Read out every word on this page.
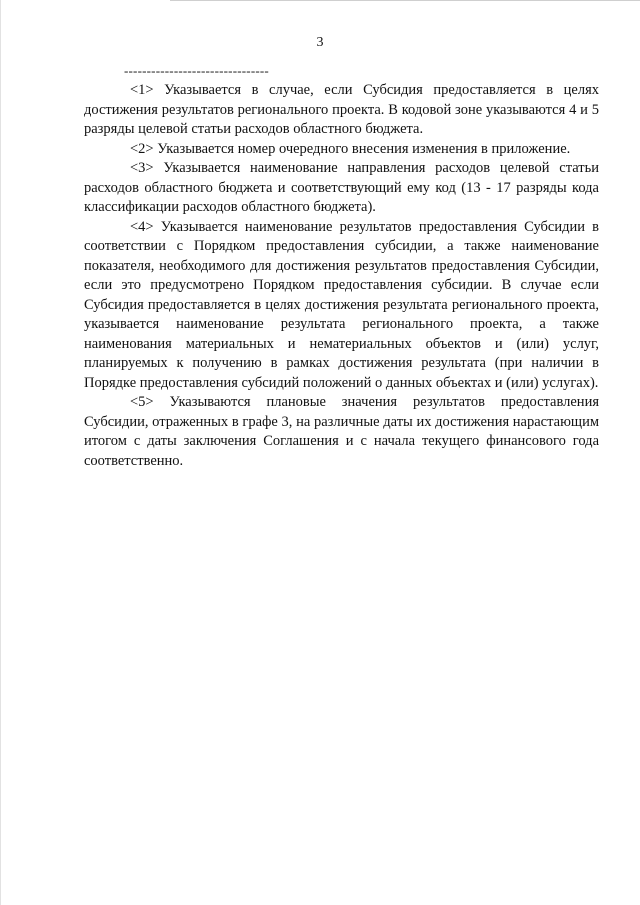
3
--------------------------------

<1> Указывается в случае, если Субсидия предоставляется в целях достижения результатов регионального проекта. В кодовой зоне указываются 4 и 5 разряды целевой статьи расходов областного бюджета.

<2> Указывается номер очередного внесения изменения в приложение.

<3> Указывается наименование направления расходов целевой статьи расходов областного бюджета и соответствующий ему код (13 - 17 разряды кода классификации расходов областного бюджета).

<4> Указывается наименование результатов предоставления Субсидии в соответствии с Порядком предоставления субсидии, а также наименование показателя, необходимого для достижения результатов предоставления Субсидии, если это предусмотрено Порядком предоставления субсидии. В случае если Субсидия предоставляется в целях достижения результата регионального проекта, указывается наименование результата регионального проекта, а также наименования материальных и нематериальных объектов и (или) услуг, планируемых к получению в рамках достижения результата (при наличии в Порядке предоставления субсидий положений о данных объектах и (или) услугах).

<5> Указываются плановые значения результатов предоставления Субсидии, отраженных в графе 3, на различные даты их достижения нарастающим итогом с даты заключения Соглашения и с начала текущего финансового года соответственно.
